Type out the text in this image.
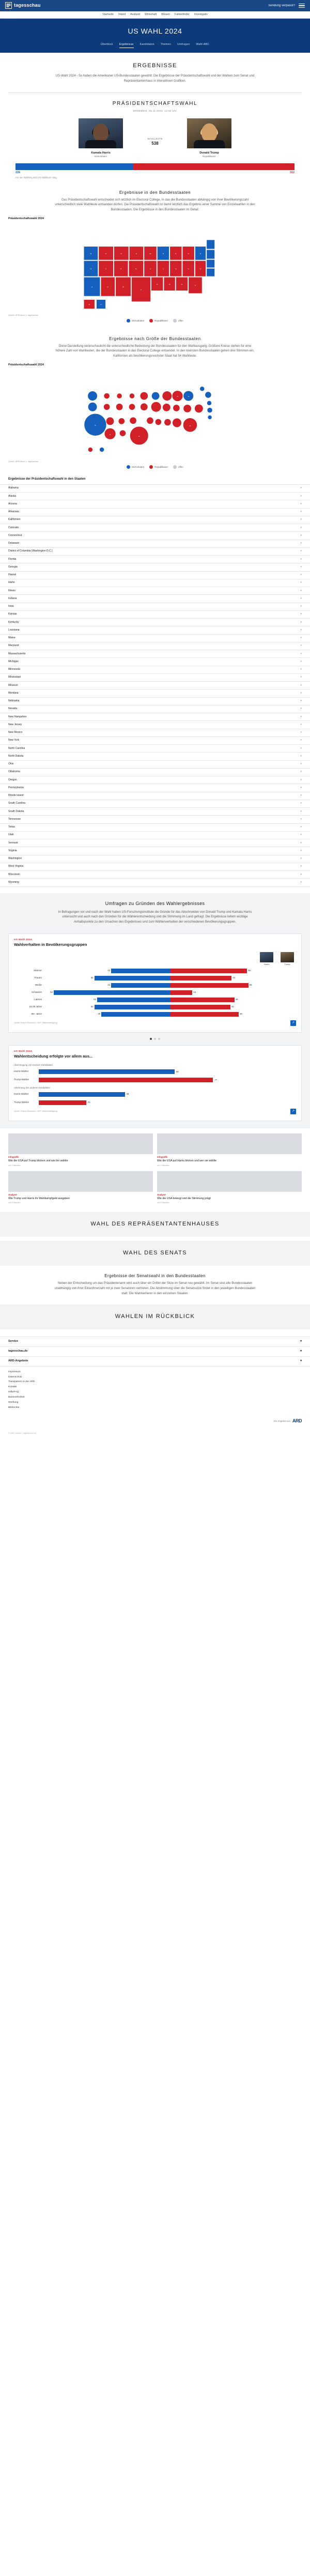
tagesschau	Sendung verpasst?
Startseite Inland Ausland Wirtschaft Wissen Faktenfinder Investigativ
US WAHL 2024
Überblick Ergebnisse Kandidaten Themen Umfragen Wahl-ABC
ERGEBNISSE

US-Wahl 2024 - So haben die Amerikaner US-Bundesstaaten gewählt: Die Ergebnisse der Präsidentschaftswahl und der Wahlen zum Senat und Repräsentantenhaus in interaktiven Grafiken.

PRÄSIDENTSCHAFTSWAHL
ERGEBNIS, 05.11.2024, 14:52 Uhr
Kamala Harris
Demokraten
WAHLLEUTE
538
Donald Trump
Republikaner
226	312
Für den Wahlsieg sind 270 Wahlleute nötig.
Ergebnisse in den Bundesstaaten

Das Präsidentschaftswahl entscheidet sich letztlich im Electoral College. In das die Bundesstaaten abhängig von ihrer Bevölkerungszahl unterschiedlich viele Wahlleute entsenden dürfen. Die Präsidentschaftswahl ist damit letztlich das Ergebnis einer Summe von Einzelwahlen in den Bundesstaaten. Die Ergebnisse in den Bundesstaaten im Detail:

Präsidentschaftswahl 2024
CA
OR
WA	MT
ID
NV
WY
ND
NM
SD
NE
TX
MN
IA
AR
WI
IL
MS
MI
OH
GA
PA
VA
FL
NY
NC
AK	HI
Quelle: AP/Edison o. tagesschau
Demokraten	Republikaner	offen
Ergebnisse nach Größe der Bundesstaaten

Diese Darstellung veranschaulicht die unterschiedliche Bedeutung der Bundesstaaten für den Wahlausgang. Größere Kreise stehen für eine höhere Zahl von Wahlleuten, die der Bundesstaaten in das Electoral College entsendet. In den kleinsten Bundesstaaten gehen drei Stimmen ein, Kalifornien als bevölkerungsreichster Staat hat 54 Wahlleute.

Präsidentschaftswahl 2024
54
40
30
19
19
11
Quelle: AP/Edison o. tagesschau
Demokraten	Republikaner	offen
Ergebnisse der Präsidentschaftswahl in den Staaten
Alabama	▾
Alaska	▾
Arizona	▾
Arkansas	▾
Kalifornien	▾
Colorado	▾
Connecticut	▾
Delaware	▾
District of Columbia (Washington D.C.)	▾
Florida	▾
Georgia	▾
Hawaii	▾
Idaho	▾
Illinois	▾
Indiana	▾
Iowa	▾
Kansas	▾
Kentucky	▾
Louisiana	▾
Maine	▾
Maryland	▾
Massachusetts	▾
Michigan	▾
Minnesota	▾
Mississippi	▾
Missouri	▾
Montana	▾
Nebraska	▾
Nevada	▾
New Hampshire	▾
New Jersey	▾
New Mexico	▾
New York	▾
North Carolina	▾
North Dakota	▾
Ohio	▾
Oklahoma	▾
Oregon	▾
Pennsylvania	▾
Rhode Island	▾
South Carolina	▾
South Dakota	▾
Tennessee	▾
Texas	▾
Utah	▾
Vermont	▾
Virginia	▾
Washington	▾
West Virginia	▾
Wisconsin	▾
Wyoming	▾
Umfragen zu Gründen des Wahlergebnisses

In Befragungen vor und nach der Wahl haben US-Forschungsinstitute die Gründe für das Abschneiden von Donald Trump und Kamala Harris untersucht und auch nach den Gründen für die Wählerentscheidung und die Stimmung im Land gefragt. Die Ergebnisse liefern wichtige Anhaltspunkte zu den Ursachen des Ergebnisses und zum Wählerverhalten der verschiedenen Bevölkerungsgruppen.

US-Wahl 2024
Wahlverhalten in Bevölkerungsgruppen
Harris	Trump
Männer	42	55
Frauen	54	44
Weiße	42	56
Schwarze	83	16
Latinos	52	46
18-29 Jahre	54	43
65+ Jahre	49	49
Quelle: Edison Research / NEP, Wählerbefragung	↗
US-Wahl 2024
Wahlentscheidung erfolgte vor allem aus...
Überzeugung von meinem Kandidaten
Harris-Wähler	60
Trump-Wähler	77
Ablehnung des anderen Kandidaten
Harris-Wähler	38
Trump-Wähler	21
Quelle: Edison Research / NEP, Wählerbefragung	↗
Infografik
Wie die USA auf Trump blicken und wie ihn wählte
vor 2 Stunden
Infografik
Wie die USA auf Harris blicken und wer sie wählte
vor 3 Stunden
Analyse
Wie Trump und Harris ihr Wahlkampfgeld ausgaben
vor 5 Stunden
Analyse
Wie die USA bewegt und die Stimmung prägt
vor 6 Stunden
WAHL DES REPRÄSENTANTENHAUSES
WAHL DES SENATS
Ergebnisse der Senatswahl in den Bundesstaaten

Neben der Entscheidung um das Präsidentenamt wird auch über ein Drittel der Sitze im Senat neu gewählt. Im Senat sind alle Bundesstaaten unabhängig von ihrer Einwohnerzahl mit je zwei Senatoren vertreten. Die Abstimmung über die Senatssitze findet in den jeweiligen Bundesstaaten statt. Die Wahlverlierer in den einzelnen Staaten:

WAHLEN IM RÜCKBLICK
Service	▾
tagesschau.de	▾
ARD-Angebote	▾
Impressum
Datenschutz
Transparenz in der ARD
Kontakt
Hilfe/FAQ
Barrierefreiheit
Werbung
Bildrechte
Ein Angebot von ARD
© ARD-aktuell / tagesschau.de
